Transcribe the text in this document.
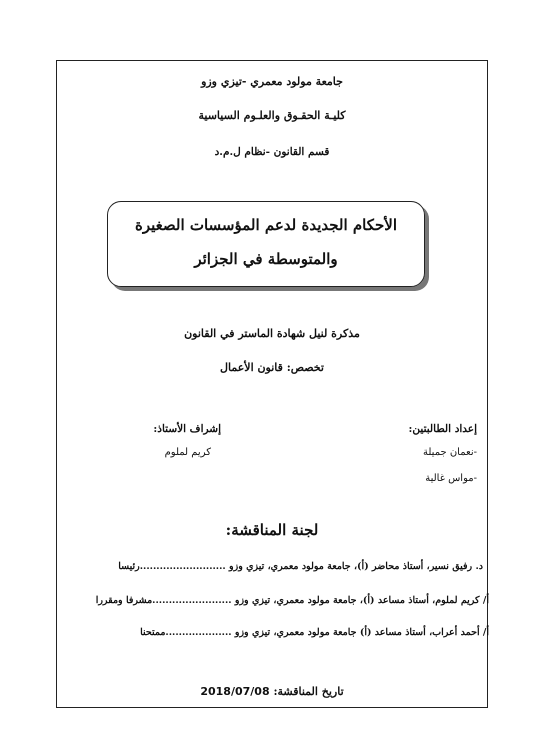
جامعة مولود معمري -تيزي وزو
كليـة الحقـوق والعلـوم السياسية
قسم القانون -نظام ل.م.د
الأحكام الجديدة لدعم المؤسسات الصغيرة
والمتوسطة في الجزائر
مذكرة لنيل شهادة الماستر في القانون
تخصص: قانون الأعمال
إعداد الطالبتين:
-نعمان جميلة
-مواس غالية
إشراف الأستاذ:
كريم لملوم
لجنة المناقشة:
د. رفيق نسير، أستاذ محاضر (أ)، جامعة مولود معمري، تيزي وزو ..........................رئيسا
أ/ كريم لملوم، أستاذ مساعد (أ)، جامعة مولود معمري، تيزي وزو ........................مشرفا ومقررا
أ/ أحمد أعراب، أستاذ مساعد (أ) جامعة مولود معمري، تيزي وزو ....................ممتحنا
تاريخ المناقشة: 2018/07/08
